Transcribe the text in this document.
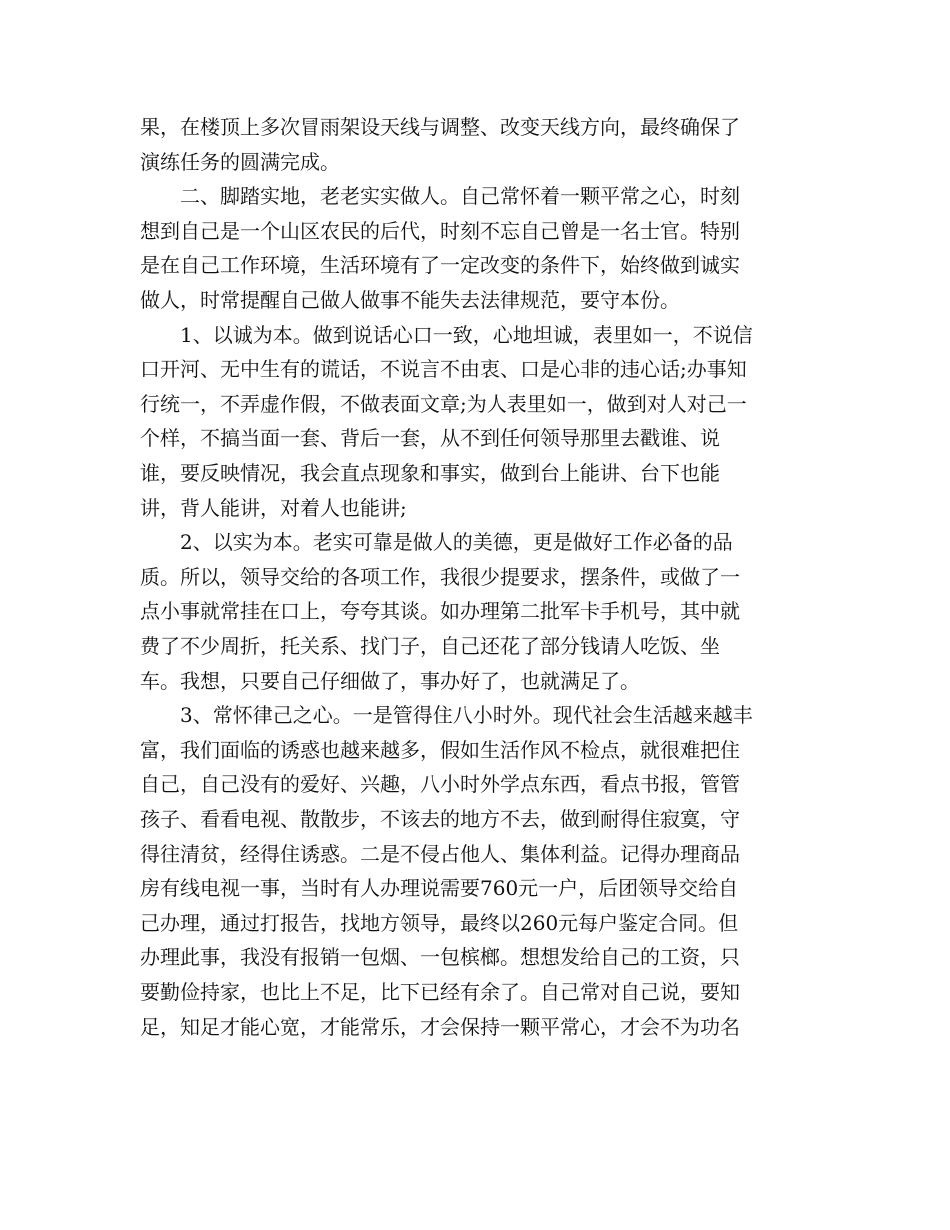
果，在楼顶上多次冒雨架设天线与调整、改变天线方向，最终确保了
演练任务的圆满完成。
　　二、脚踏实地，老老实实做人。自己常怀着一颗平常之心，时刻
想到自己是一个山区农民的后代，时刻不忘自己曾是一名士官。特别
是在自己工作环境，生活环境有了一定改变的条件下，始终做到诚实
做人，时常提醒自己做人做事不能失去法律规范，要守本份。
　　1、以诚为本。做到说话心口一致，心地坦诚，表里如一，不说信
口开河、无中生有的谎话，不说言不由衷、口是心非的违心话;办事知
行统一，不弄虚作假，不做表面文章;为人表里如一，做到对人对己一
个样，不搞当面一套、背后一套，从不到任何领导那里去戳谁、说
谁，要反映情况，我会直点现象和事实，做到台上能讲、台下也能
讲，背人能讲，对着人也能讲;
　　2、以实为本。老实可靠是做人的美德，更是做好工作必备的品
质。所以，领导交给的各项工作，我很少提要求，摆条件，或做了一
点小事就常挂在口上，夸夸其谈。如办理第二批军卡手机号，其中就
费了不少周折，托关系、找门子，自己还花了部分钱请人吃饭、坐
车。我想，只要自己仔细做了，事办好了，也就满足了。
　　3、常怀律己之心。一是管得住八小时外。现代社会生活越来越丰
富，我们面临的诱惑也越来越多，假如生活作风不检点，就很难把住
自己，自己没有的爱好、兴趣，八小时外学点东西，看点书报，管管
孩子、看看电视、散散步，不该去的地方不去，做到耐得住寂寞，守
得往清贫，经得住诱惑。二是不侵占他人、集体利益。记得办理商品
房有线电视一事，当时有人办理说需要760元一户，后团领导交给自
己办理，通过打报告，找地方领导，最终以260元每户鉴定合同。但
办理此事，我没有报销一包烟、一包槟榔。想想发给自己的工资，只
要勤俭持家，也比上不足，比下已经有余了。自己常对自己说，要知
足，知足才能心宽，才能常乐，才会保持一颗平常心，才会不为功名
